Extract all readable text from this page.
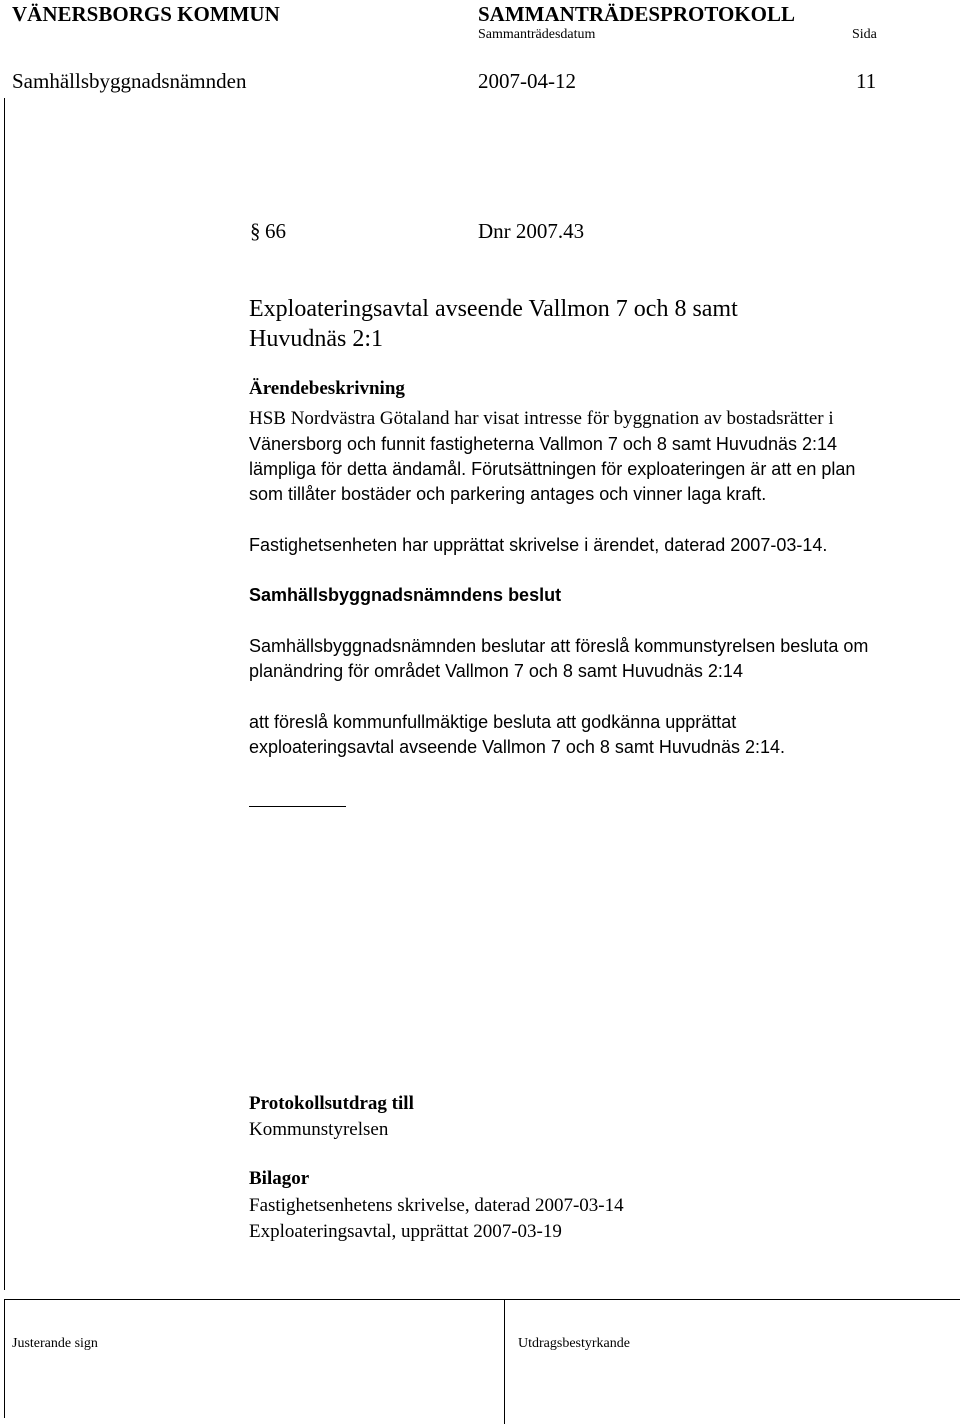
VÄNERSBORGS KOMMUN	SAMMANTRÄDESPROTOKOLL
Sammanträdesdatum	Sida
Samhällsbyggnadsnämnden	2007-04-12	11
§ 66	Dnr 2007.43
Exploateringsavtal avseende Vallmon 7 och 8 samt
Huvudnäs 2:1
Ärendebeskrivning
HSB Nordvästra Götaland har visat intresse för byggnation av bostadsrätter i
Vänersborg och funnit fastigheterna Vallmon 7 och 8 samt Huvudnäs 2:14
lämpliga för detta ändamål. Förutsättningen för exploateringen är att en plan
som tillåter bostäder och parkering antages och vinner laga kraft.
Fastighetsenheten har upprättat skrivelse i ärendet, daterad 2007-03-14.
Samhällsbyggnadsnämndens beslut
Samhällsbyggnadsnämnden beslutar att föreslå kommunstyrelsen besluta om
planändring för området Vallmon 7 och 8 samt Huvudnäs 2:14
att föreslå kommunfullmäktige besluta att godkänna upprättat
exploateringsavtal avseende Vallmon 7 och 8 samt Huvudnäs 2:14.
Protokollsutdrag till
Kommunstyrelsen
Bilagor
Fastighetsenhetens skrivelse, daterad 2007-03-14
Exploateringsavtal, upprättat 2007-03-19
Justerande sign	Utdragsbestyrkande
